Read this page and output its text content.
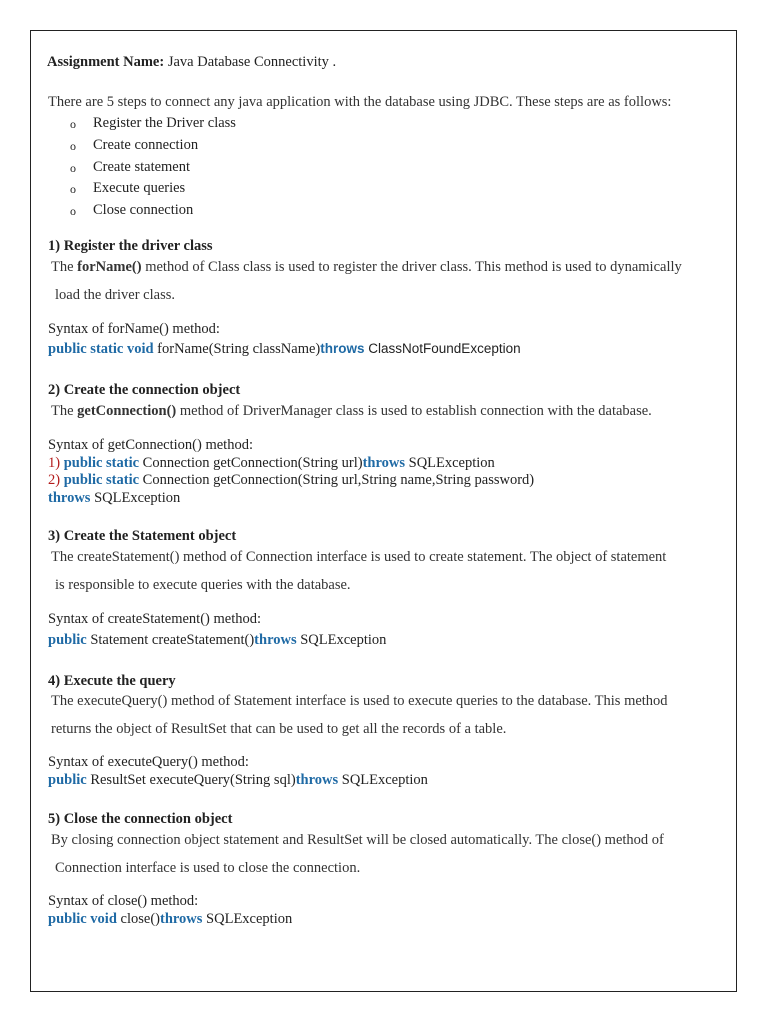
Assignment Name: Java Database Connectivity .
There are 5 steps to connect any java application with the database using JDBC. These steps are as follows:
o Register the Driver class
o Create connection
o Create statement
o Execute queries
o Close connection
1) Register the driver class
The forName() method of Class class is used to register the driver class. This method is used to dynamically
load the driver class.
Syntax of forName() method:
public static void forName(String className)throws ClassNotFoundException
2) Create the connection object
The getConnection() method of DriverManager class is used to establish connection with the database.
Syntax of getConnection() method:
1) public static Connection getConnection(String url)throws SQLException
2) public static Connection getConnection(String url,String name,String password)
throws SQLException
3) Create the Statement object
The createStatement() method of Connection interface is used to create statement. The object of statement
is responsible to execute queries with the database.
Syntax of createStatement() method:
public Statement createStatement()throws SQLException
4) Execute the query
The executeQuery() method of Statement interface is used to execute queries to the database. This method
returns the object of ResultSet that can be used to get all the records of a table.
Syntax of executeQuery() method:
public ResultSet executeQuery(String sql)throws SQLException
5) Close the connection object
By closing connection object statement and ResultSet will be closed automatically. The close() method of
Connection interface is used to close the connection.
Syntax of close() method:
public void close()throws SQLException
